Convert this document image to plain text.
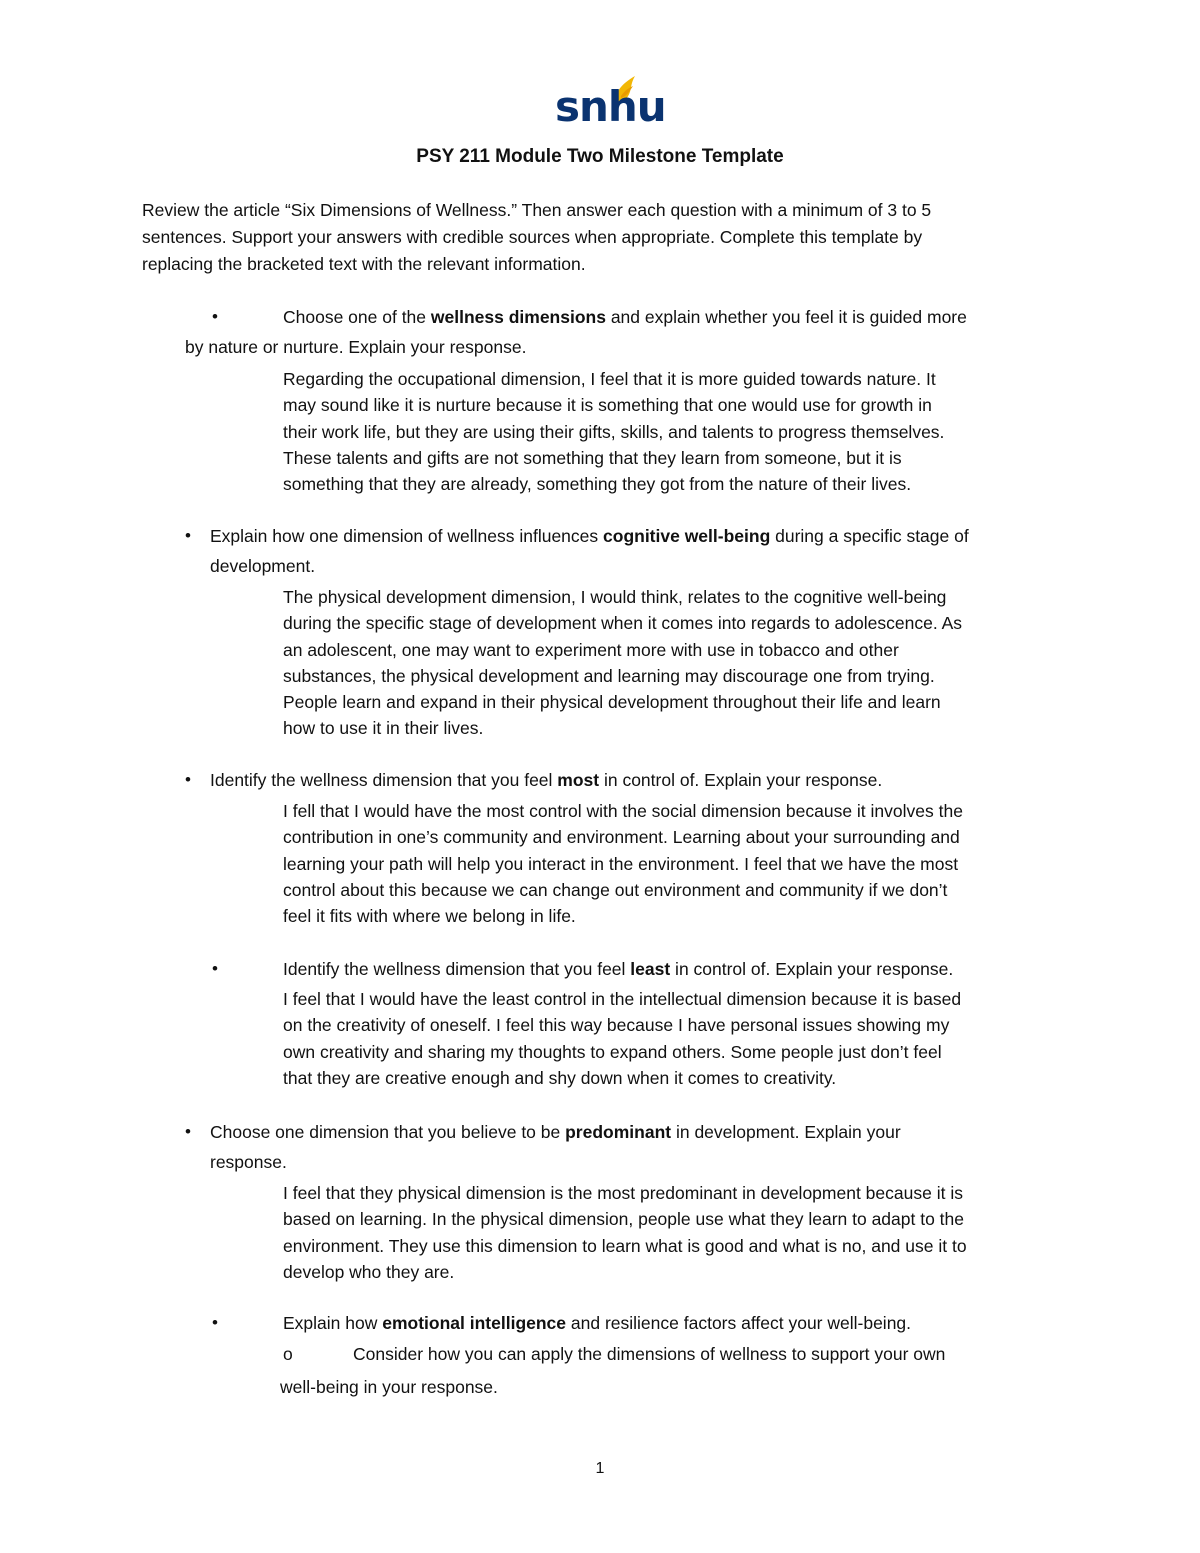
snhu
PSY 211 Module Two Milestone Template
Review the article “Six Dimensions of Wellness.” Then answer each question with a minimum of 3 to 5
sentences. Support your answers with credible sources when appropriate. Complete this template by
replacing the bracketed text with the relevant information.
•	Choose one of the wellness dimensions and explain whether you feel it is guided more
by nature or nurture. Explain your response.
Regarding the occupational dimension, I feel that it is more guided towards nature. It
may sound like it is nurture because it is something that one would use for growth in
their work life, but they are using their gifts, skills, and talents to progress themselves.
These talents and gifts are not something that they learn from someone, but it is
something that they are already, something they got from the nature of their lives.
• Explain how one dimension of wellness influences cognitive well-being during a specific stage of
development.
The physical development dimension, I would think, relates to the cognitive well-being
during the specific stage of development when it comes into regards to adolescence. As
an adolescent, one may want to experiment more with use in tobacco and other
substances, the physical development and learning may discourage one from trying.
People learn and expand in their physical development throughout their life and learn
how to use it in their lives.
• Identify the wellness dimension that you feel most in control of. Explain your response.
I fell that I would have the most control with the social dimension because it involves the
contribution in one’s community and environment. Learning about your surrounding and
learning your path will help you interact in the environment. I feel that we have the most
control about this because we can change out environment and community if we don’t
feel it fits with where we belong in life.
•	Identify the wellness dimension that you feel least in control of. Explain your response.
I feel that I would have the least control in the intellectual dimension because it is based
on the creativity of oneself. I feel this way because I have personal issues showing my
own creativity and sharing my thoughts to expand others. Some people just don’t feel
that they are creative enough and shy down when it comes to creativity.
• Choose one dimension that you believe to be predominant in development. Explain your
response.
I feel that they physical dimension is the most predominant in development because it is
based on learning. In the physical dimension, people use what they learn to adapt to the
environment. They use this dimension to learn what is good and what is no, and use it to
develop who they are.
•	Explain how emotional intelligence and resilience factors affect your well-being.
o	Consider how you can apply the dimensions of wellness to support your own
well-being in your response.
1
